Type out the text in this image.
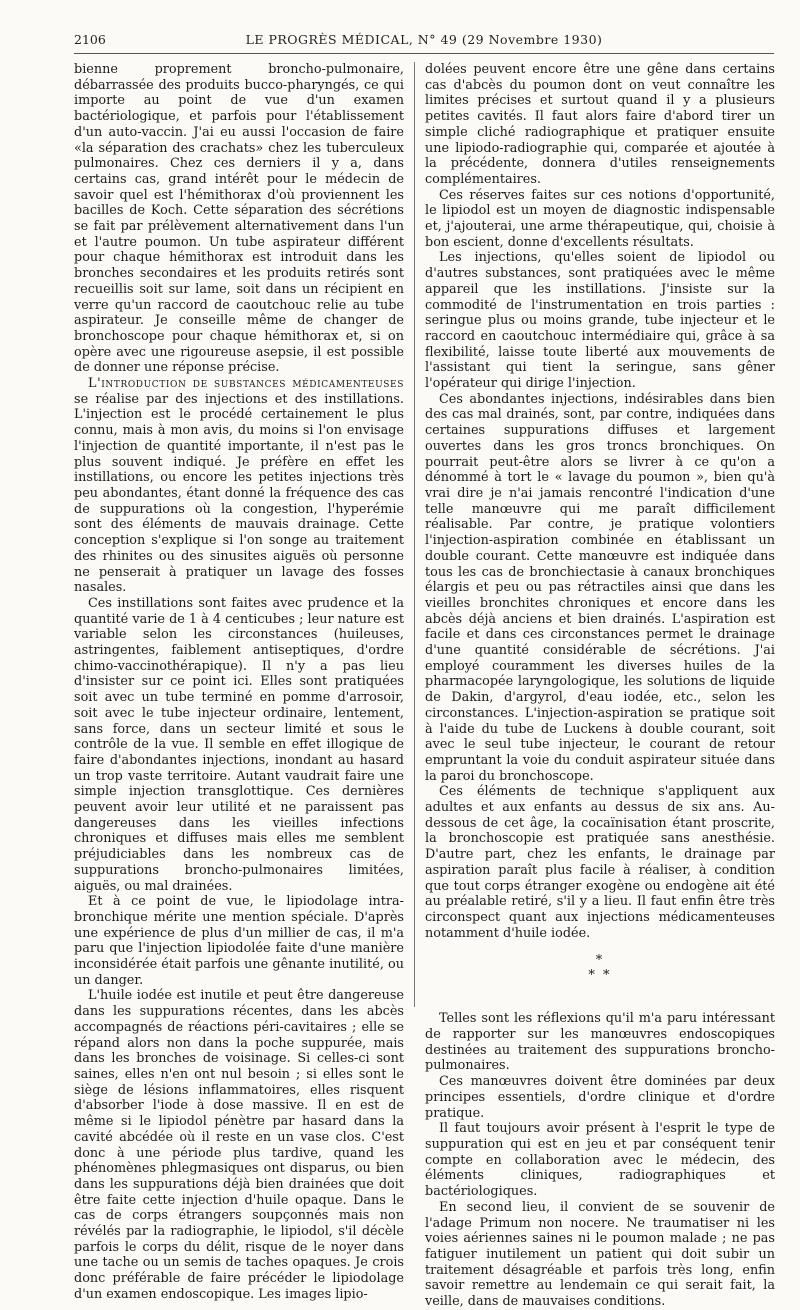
2106	LE PROGRÈS MÉDICAL, N° 49 (29 Novembre 1930)

bienne proprement broncho-pulmonaire, débarrassée des produits bucco-pharyngés, ce qui importe au point de vue d'un examen bactériologique, et parfois pour l'établissement d'un auto-vaccin. J'ai eu aussi l'occasion de faire «la séparation des crachats» chez les tuberculeux pulmonaires. Chez ces derniers il y a, dans certains cas, grand intérêt pour le médecin de savoir quel est l'hémithorax d'où proviennent les bacilles de Koch. Cette séparation des sécrétions se fait par prélèvement alternativement dans l'un et l'autre poumon. Un tube aspirateur différent pour chaque hémithorax est introduit dans les bronches secondaires et les produits retirés sont recueillis soit sur lame, soit dans un récipient en verre qu'un raccord de caoutchouc relie au tube aspirateur. Je conseille même de changer de bronchoscope pour chaque hémithorax et, si on opère avec une rigoureuse asepsie, il est possible de donner une réponse précise.

L'introduction de substances médicamenteuses se réalise par des injections et des instillations. L'injection est le procédé certainement le plus connu, mais à mon avis, du moins si l'on envisage l'injection de quantité importante, il n'est pas le plus souvent indiqué. Je préfère en effet les instillations, ou encore les petites injections très peu abondantes, étant donné la fréquence des cas de suppurations où la congestion, l'hyperémie sont des éléments de mauvais drainage. Cette conception s'explique si l'on songe au traitement des rhinites ou des sinusites aiguës où personne ne penserait à pratiquer un lavage des fosses nasales.

Ces instillations sont faites avec prudence et la quantité varie de 1 à 4 centicubes ; leur nature est variable selon les circonstances (huileuses, astringentes, faiblement antiseptiques, d'ordre chimo-vaccinothérapique). Il n'y a pas lieu d'insister sur ce point ici. Elles sont pratiquées soit avec un tube terminé en pomme d'arrosoir, soit avec le tube injecteur ordinaire, lentement, sans force, dans un secteur limité et sous le contrôle de la vue. Il semble en effet illogique de faire d'abondantes injections, inondant au hasard un trop vaste territoire. Autant vaudrait faire une simple injection transglottique. Ces dernières peuvent avoir leur utilité et ne paraissent pas dangereuses dans les vieilles infections chroniques et diffuses mais elles me semblent préjudiciables dans les nombreux cas de suppurations broncho-pulmonaires limitées, aiguës, ou mal drainées.

Et à ce point de vue, le lipiodolage intra-bronchique mérite une mention spéciale. D'après une expérience de plus d'un millier de cas, il m'a paru que l'injection lipiodolée faite d'une manière inconsidérée était parfois une gênante inutilité, ou un danger.

L'huile iodée est inutile et peut être dangereuse dans les suppurations récentes, dans les abcès accompagnés de réactions péri-cavitaires ; elle se répand alors non dans la poche suppurée, mais dans les bronches de voisinage. Si celles-ci sont saines, elles n'en ont nul besoin ; si elles sont le siège de lésions inflammatoires, elles risquent d'absorber l'iode à dose massive. Il en est de même si le lipiodol pénètre par hasard dans la cavité abcédée où il reste en un vase clos. C'est donc à une période plus tardive, quand les phénomènes phlegmasiques ont disparus, ou bien dans les suppurations déjà bien drainées que doit être faite cette injection d'huile opaque. Dans le cas de corps étrangers soupçonnés mais non révélés par la radiographie, le lipiodol, s'il décèle parfois le corps du délit, risque de le noyer dans une tache ou un semis de taches opaques. Je crois donc préférable de faire précéder le lipiodolage d'un examen endoscopique. Les images lipio-

dolées peuvent encore être une gêne dans certains cas d'abcès du poumon dont on veut connaître les limites précises et surtout quand il y a plusieurs petites cavités. Il faut alors faire d'abord tirer un simple cliché radiographique et pratiquer ensuite une lipiodo-radiographie qui, comparée et ajoutée à la précédente, donnera d'utiles renseignements complémentaires.

Ces réserves faites sur ces notions d'opportunité, le lipiodol est un moyen de diagnostic indispensable et, j'ajouterai, une arme thérapeutique, qui, choisie à bon escient, donne d'excellents résultats.

Les injections, qu'elles soient de lipiodol ou d'autres substances, sont pratiquées avec le même appareil que les instillations. J'insiste sur la commodité de l'instrumentation en trois parties : seringue plus ou moins grande, tube injecteur et le raccord en caoutchouc intermédiaire qui, grâce à sa flexibilité, laisse toute liberté aux mouvements de l'assistant qui tient la seringue, sans gêner l'opérateur qui dirige l'injection.

Ces abondantes injections, indésirables dans bien des cas mal drainés, sont, par contre, indiquées dans certaines suppurations diffuses et largement ouvertes dans les gros troncs bronchiques. On pourrait peut-être alors se livrer à ce qu'on a dénommé à tort le « lavage du poumon », bien qu'à vrai dire je n'ai jamais rencontré l'indication d'une telle manœuvre qui me paraît difficilement réalisable. Par contre, je pratique volontiers l'injection-aspiration combinée en établissant un double courant. Cette manœuvre est indiquée dans tous les cas de bronchiectasie à canaux bronchiques élargis et peu ou pas rétractiles ainsi que dans les vieilles bronchites chroniques et encore dans les abcès déjà anciens et bien drainés. L'aspiration est facile et dans ces circonstances permet le drainage d'une quantité considérable de sécrétions. J'ai employé couramment les diverses huiles de la pharmacopée laryngologique, les solutions de liquide de Dakin, d'argyrol, d'eau iodée, etc., selon les circonstances. L'injection-aspiration se pratique soit à l'aide du tube de Luckens à double courant, soit avec le seul tube injecteur, le courant de retour empruntant la voie du conduit aspirateur située dans la paroi du bronchoscope.

Ces éléments de technique s'appliquent aux adultes et aux enfants au dessus de six ans. Au-dessous de cet âge, la cocaïnisation étant proscrite, la bronchoscopie est pratiquée sans anesthésie. D'autre part, chez les enfants, le drainage par aspiration paraît plus facile à réaliser, à condition que tout corps étranger exogène ou endogène ait été au préalable retiré, s'il y a lieu. Il faut enfin être très circonspect quant aux injections médicamenteuses notamment d'huile iodée.

*
* *

Telles sont les réflexions qu'il m'a paru intéressant de rapporter sur les manœuvres endoscopiques destinées au traitement des suppurations broncho-pulmonaires.

Ces manœuvres doivent être dominées par deux principes essentiels, d'ordre clinique et d'ordre pratique.

Il faut toujours avoir présent à l'esprit le type de suppuration qui est en jeu et par conséquent tenir compte en collaboration avec le médecin, des éléments cliniques, radiographiques et bactériologiques.

En second lieu, il convient de se souvenir de l'adage Primum non nocere. Ne traumatiser ni les voies aériennes saines ni le poumon malade ; ne pas fatiguer inutilement un patient qui doit subir un traitement désagréable et parfois très long, enfin savoir remettre au lendemain ce qui serait fait, la veille, dans de mauvaises conditions.
